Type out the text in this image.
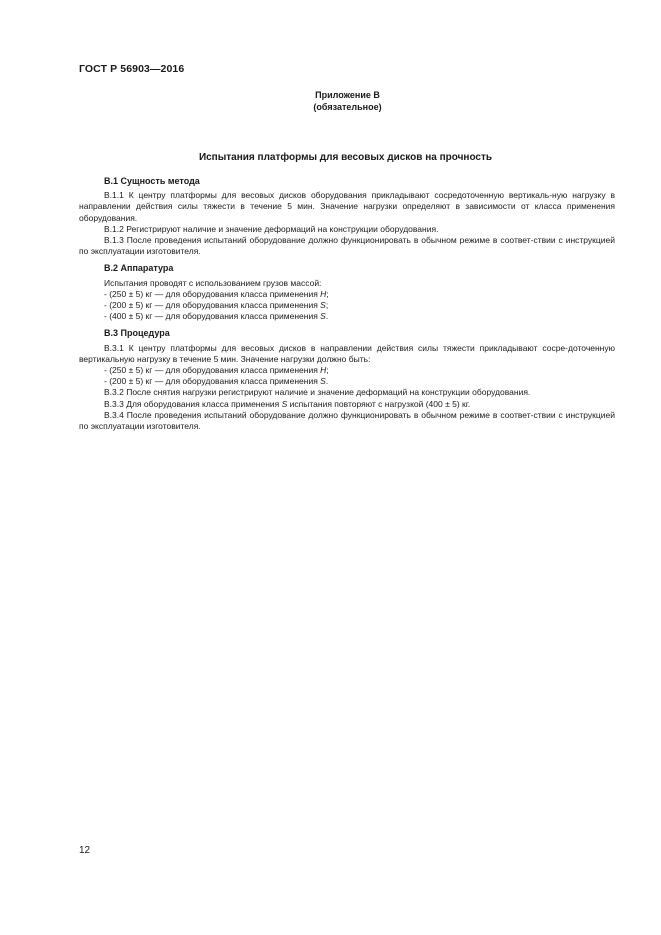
ГОСТ Р 56903—2016
Приложение В
(обязательное)
Испытания платформы для весовых дисков на прочность
В.1 Сущность метода

В.1.1 К центру платформы для весовых дисков оборудования прикладывают сосредоточенную вертикаль-ную нагрузку в направлении действия силы тяжести в течение 5 мин. Значение нагрузки определяют в зависимости от класса применения оборудования.

В.1.2 Регистрируют наличие и значение деформаций на конструкции оборудования.

В.1.3 После проведения испытаний оборудование должно функционировать в обычном режиме в соответ-ствии с инструкцией по эксплуатации изготовителя.

В.2 Аппаратура

Испытания проводят с использованием грузов массой:

- (250 ± 5) кг — для оборудования класса применения H;

- (200 ± 5) кг — для оборудования класса применения S;

- (400 ± 5) кг — для оборудования класса применения S.

В.3 Процедура

В.3.1 К центру платформы для весовых дисков в направлении действия силы тяжести прикладывают сосре-доточенную вертикальную нагрузку в течение 5 мин. Значение нагрузки должно быть:

- (250 ± 5) кг — для оборудования класса применения H;

- (200 ± 5) кг — для оборудования класса применения S.

В.3.2 После снятия нагрузки регистрируют наличие и значение деформаций на конструкции оборудования.

В.3.3 Для оборудования класса применения S испытания повторяют с нагрузкой (400 ± 5) кг.

В.3.4 После проведения испытаний оборудование должно функционировать в обычном режиме в соответ-ствии с инструкцией по эксплуатации изготовителя.

12
